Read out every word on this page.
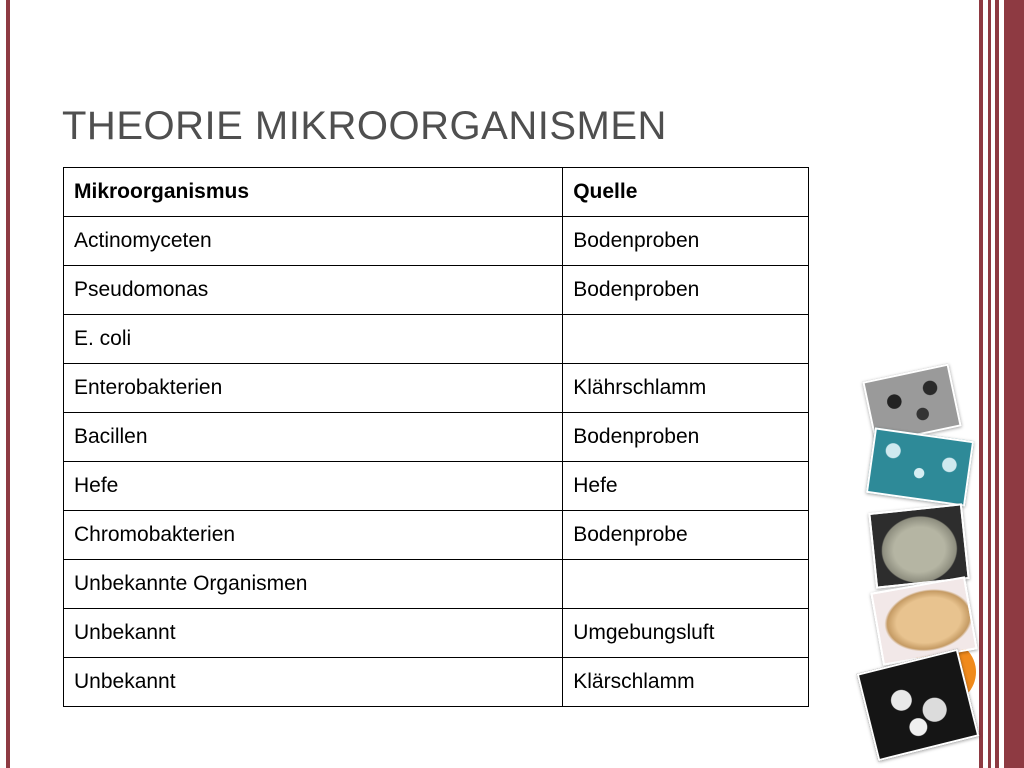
THEORIE MIKROORGANISMEN
Mikroorganismus	Quelle
Actinomyceten	Bodenproben
Pseudomonas	Bodenproben
E. coli	
Enterobakterien	Klährschlamm
Bacillen	Bodenproben
Hefe	Hefe
Chromobakterien	Bodenprobe
Unbekannte Organismen	
Unbekannt	Umgebungsluft
Unbekannt	Klärschlamm
